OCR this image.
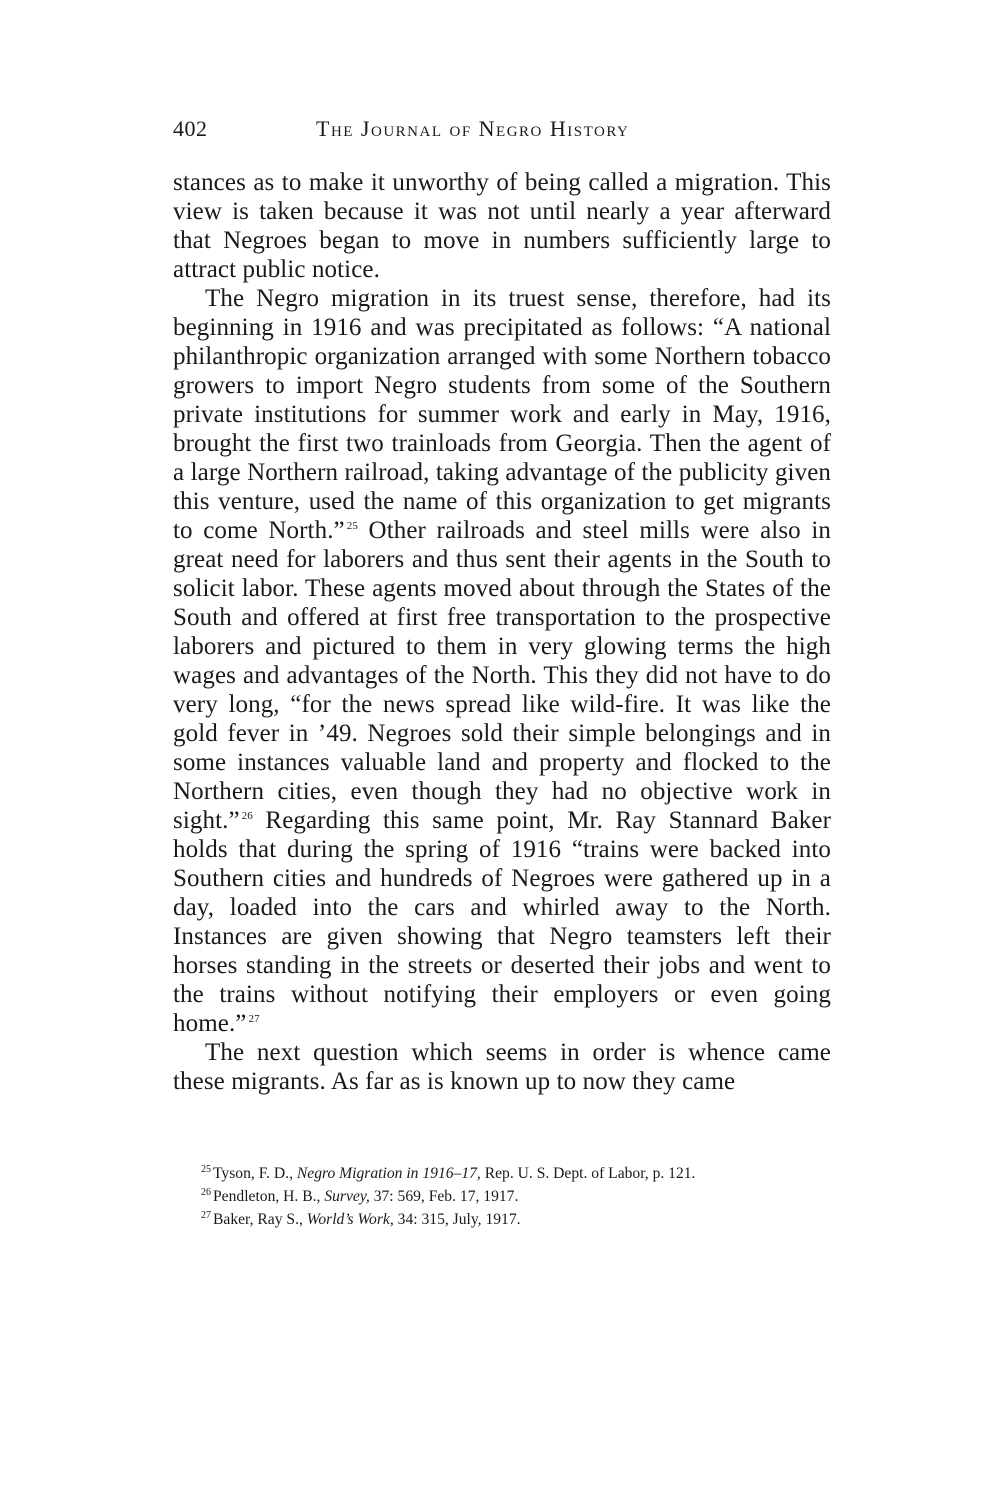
402	The Journal of Negro History

stances as to make it unworthy of being called a migration. This view is taken because it was not until nearly a year afterward that Negroes began to move in numbers sufficiently large to attract public notice.

The Negro migration in its truest sense, therefore, had its beginning in 1916 and was precipitated as follows: “A national philanthropic organization arranged with some Northern tobacco growers to import Negro students from some of the Southern private institutions for summer work and early in May, 1916, brought the first two trainloads from Georgia. Then the agent of a large Northern railroad, taking advantage of the publicity given this venture, used the name of this organization to get migrants to come North.” $^{25}$ Other railroads and steel mills were also in great need for laborers and thus sent their agents in the South to solicit labor. These agents moved about through the States of the South and offered at first free transportation to the prospective laborers and pictured to them in very glowing terms the high wages and advantages of the North. This they did not have to do very long, “for the news spread like wild-fire. It was like the gold fever in ’49. Negroes sold their simple belongings and in some instances valuable land and property and flocked to the Northern cities, even though they had no objective work in sight.” $^{26}$ Regarding this same point, Mr. Ray Stannard Baker holds that during the spring of 1916 “trains were backed into Southern cities and hundreds of Negroes were gathered up in a day, loaded into the cars and whirled away to the North. Instances are given showing that Negro teamsters left their horses standing in the streets or deserted their jobs and went to the trains without notifying their employers or even going home.” $^{27}$

The next question which seems in order is whence came these migrants. As far as is known up to now they came

$^{25}$ Tyson, F. D., Negro Migration in 1916–17, Rep. U. S. Dept. of Labor, p. 121.

$^{26}$ Pendleton, H. B., Survey, 37: 569, Feb. 17, 1917.

$^{27}$ Baker, Ray S., World’s Work, 34: 315, July, 1917.
